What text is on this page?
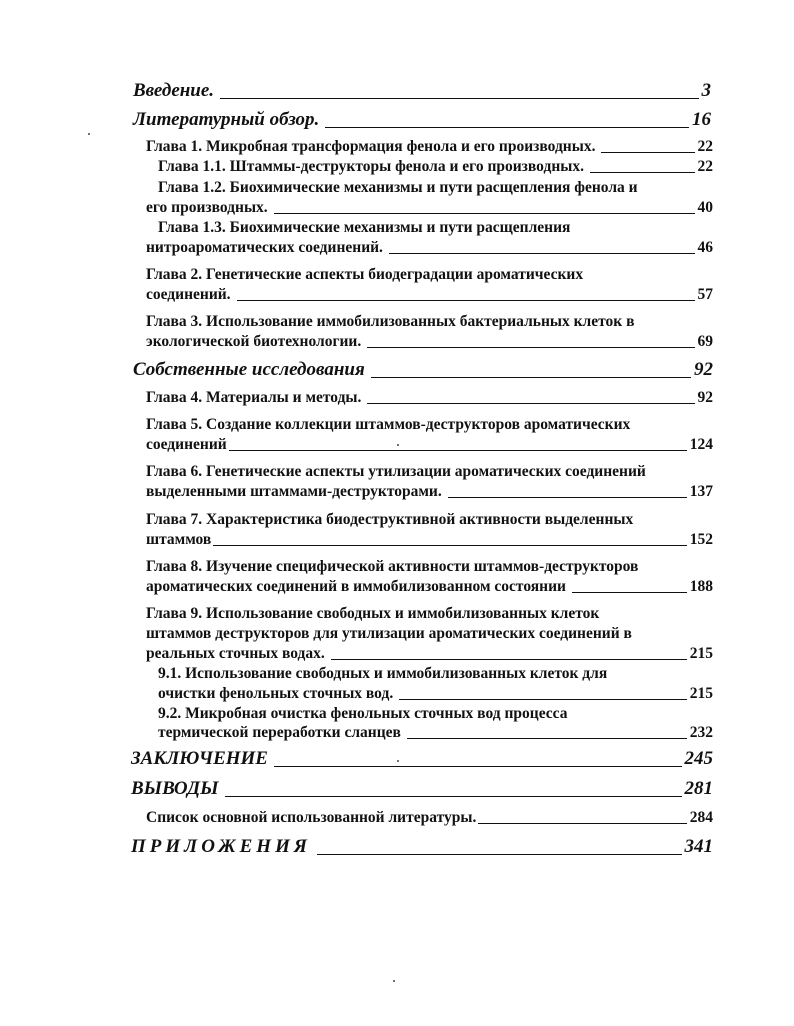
Введение.	3
Литературный обзор.	16
Глава 1. Микробная трансформация фенола и его производных.	22
Глава 1.1. Штаммы-деструкторы фенола и его производных.	22
Глава 1.2. Биохимические механизмы и пути расщепления фенола и
его производных.	40
Глава 1.3. Биохимические механизмы и пути расщепления
нитроароматических соединений.	46
Глава 2. Генетические аспекты биодеградации ароматических
соединений.	57
Глава 3. Использование иммобилизованных бактериальных клеток в
экологической биотехнологии.	69
Собственные исследования	92
Глава 4. Материалы и методы.	92
Глава 5. Создание коллекции штаммов-деструкторов ароматических
соединений	124
Глава 6. Генетические аспекты утилизации ароматических соединений
выделенными штаммами-деструкторами.	137
Глава 7. Характеристика биодеструктивной активности выделенных
штаммов	152
Глава 8. Изучение специфической активности штаммов-деструкторов
ароматических соединений в иммобилизованном состоянии	188
Глава 9. Использование свободных и иммобилизованных клеток
штаммов деструкторов для утилизации ароматических соединений в
реальных сточных водах.	215
9.1. Использование свободных и иммобилизованных клеток для
очистки фенольных сточных вод.	215
9.2. Микробная очистка фенольных сточных вод процесса
термической переработки сланцев	232
ЗАКЛЮЧЕНИЕ	245
ВЫВОДЫ	281
Список основной использованной литературы.	284
ПРИЛОЖЕНИЯ	341
